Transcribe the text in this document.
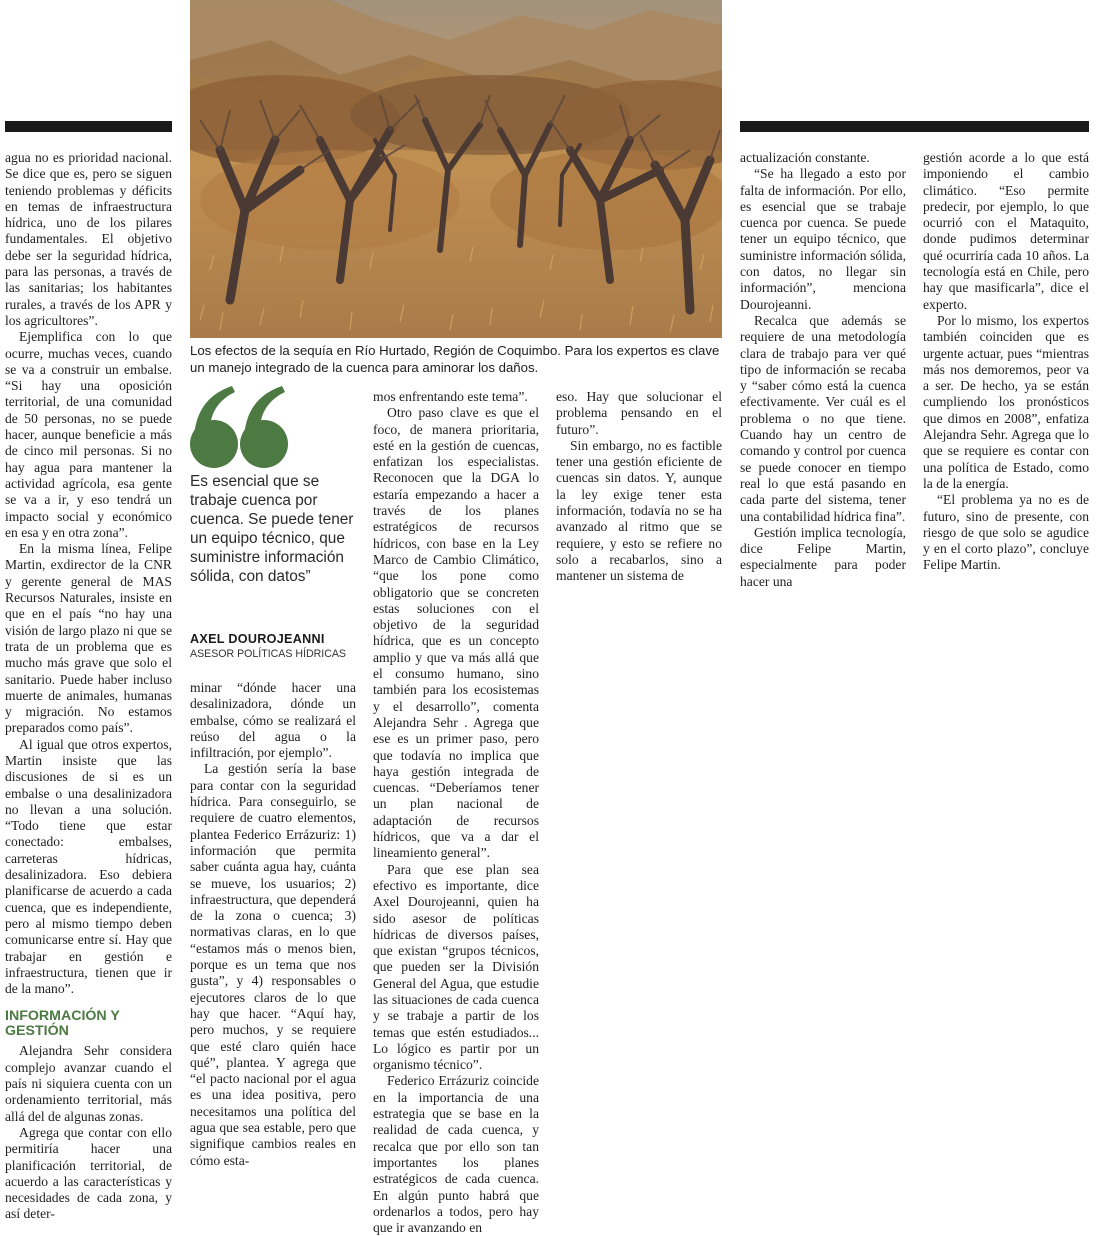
Los efectos de la sequía en Río Hurtado, Región de Coquimbo. Para los expertos es clave un manejo integrado de la cuenca para aminorar los daños.
Es esencial que se trabaje cuenca por cuenca. Se puede tener un equipo técnico, que suministre información sólida, con datos”
AXEL DOUROJEANNI
ASESOR POLÍTICAS HÍDRICAS

agua no es prioridad nacional. Se dice que es, pero se siguen teniendo problemas y déficits en temas de infraestructura hídrica, uno de los pilares fundamentales. El objetivo debe ser la seguridad hídrica, para las personas, a través de las sanitarias; los habitantes rurales, a través de los APR y los agricultores”.

Ejemplifica con lo que ocurre, muchas veces, cuando se va a construir un embalse. “Si hay una oposición territorial, de una comunidad de 50 personas, no se puede hacer, aunque beneficie a más de cinco mil personas. Si no hay agua para mantener la actividad agrícola, esa gente se va a ir, y eso tendrá un impacto social y económico en esa y en otra zona”.

En la misma línea, Felipe Martin, exdirector de la CNR y gerente general de MAS Recursos Naturales, insiste en que en el país “no hay una visión de largo plazo ni que se trata de un problema que es mucho más grave que solo el sanitario. Puede haber incluso muerte de animales, humanas y migración. No estamos preparados como país”.

Al igual que otros expertos, Martin insiste que las discusiones de si es un embalse o una desalinizadora no llevan a una solución. “Todo tiene que estar conectado: embalses, carreteras hídricas, desalinizadora. Eso debiera planificarse de acuerdo a cada cuenca, que es independiente, pero al mismo tiempo deben comunicarse entre sí. Hay que trabajar en gestión e infraestructura, tienen que ir de la mano”.

INFORMACIÓN Y GESTIÓN

Alejandra Sehr considera complejo avanzar cuando el país ni siquiera cuenta con un ordenamiento territorial, más allá del de algunas zonas.

Agrega que contar con ello permitiría hacer una planificación territorial, de acuerdo a las características y necesidades de cada zona, y así deter-

minar “dónde hacer una desalinizadora, dónde un embalse, cómo se realizará el reúso del agua o la infiltración, por ejemplo”.

La gestión sería la base para contar con la seguridad hídrica. Para conseguirlo, se requiere de cuatro elementos, plantea Federico Errázuriz: 1) información que permita saber cuánta agua hay, cuánta se mueve, los usuarios; 2) infraestructura, que dependerá de la zona o cuenca; 3) normativas claras, en lo que “estamos más o menos bien, porque es un tema que nos gusta”, y 4) responsables o ejecutores claros de lo que hay que hacer. “Aquí hay, pero muchos, y se requiere que esté claro quién hace qué”, plantea. Y agrega que “el pacto nacional por el agua es una idea positiva, pero necesitamos una política del agua que sea estable, pero que signifique cambios reales en cómo esta-

mos enfrentando este tema”.

Otro paso clave es que el foco, de manera prioritaria, esté en la gestión de cuencas, enfatizan los especialistas. Reconocen que la DGA lo estaría empezando a hacer a través de los planes estratégicos de recursos hídricos, con base en la Ley Marco de Cambio Climático, “que los pone como obligatorio que se concreten estas soluciones con el objetivo de la seguridad hídrica, que es un concepto amplio y que va más allá que el consumo humano, sino también para los ecosistemas y el desarrollo”, comenta Alejandra Sehr . Agrega que ese es un primer paso, pero que todavía no implica que haya gestión integrada de cuencas. “Deberíamos tener un plan nacional de adaptación de recursos hídricos, que va a dar el lineamiento general”.

Para que ese plan sea efectivo es importante, dice Axel Dourojeanni, quien ha sido asesor de políticas hídricas de diversos países, que existan “grupos técnicos, que pueden ser la División General del Agua, que estudie las situaciones de cada cuenca y se trabaje a partir de los temas que estén estudiados... Lo lógico es partir por un organismo técnico”.

Federico Errázuriz coincide en la importancia de una estrategia que se base en la realidad de cada cuenca, y recalca que por ello son tan importantes los planes estratégicos de cada cuenca. En algún punto habrá que ordenarlos a todos, pero hay que ir avanzando en

eso. Hay que solucionar el problema pensando en el futuro”.

Sin embargo, no es factible tener una gestión eficiente de cuencas sin datos. Y, aunque la ley exige tener esta información, todavía no se ha avanzado al ritmo que se requiere, y esto se refiere no solo a recabarlos, sino a mantener un sistema de

actualización constante.

“Se ha llegado a esto por falta de información. Por ello, es esencial que se trabaje cuenca por cuenca. Se puede tener un equipo técnico, que suministre información sólida, con datos, no llegar sin información”, menciona Dourojeanni.

Recalca que además se requiere de una metodología clara de trabajo para ver qué tipo de información se recaba y “saber cómo está la cuenca efectivamente. Ver cuál es el problema o no que tiene. Cuando hay un centro de comando y control por cuenca se puede conocer en tiempo real lo que está pasando en cada parte del sistema, tener una contabilidad hídrica fina”.

Gestión implica tecnología, dice Felipe Martin, especialmente para poder hacer una

gestión acorde a lo que está imponiendo el cambio climático. “Eso permite predecir, por ejemplo, lo que ocurrió con el Mataquito, donde pudimos determinar qué ocurriría cada 10 años. La tecnología está en Chile, pero hay que masificarla”, dice el experto.

Por lo mismo, los expertos también coinciden que es urgente actuar, pues “mientras más nos demoremos, peor va a ser. De hecho, ya se están cumpliendo los pronósticos que dimos en 2008”, enfatiza Alejandra Sehr. Agrega que lo que se requiere es contar con una política de Estado, como la de la energía.

“El problema ya no es de futuro, sino de presente, con riesgo de que solo se agudice y en el corto plazo”, concluye Felipe Martin.
